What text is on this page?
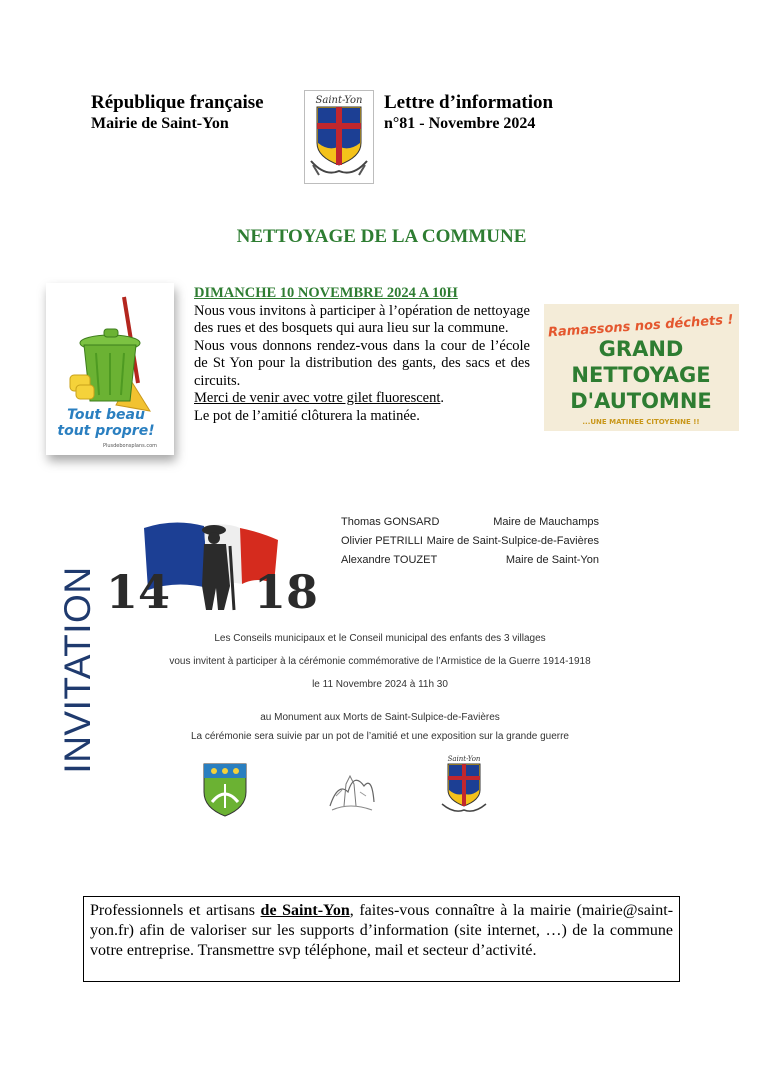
République française
Mairie de Saint-Yon
Saint-Yon Lettre d’information
n°81 - Novembre 2024
NETTOYAGE DE LA COMMUNE
Tout beau
tout propre!
Plusdebonsplans.com
DIMANCHE 10 NOVEMBRE 2024 A 10H

Nous vous invitons à participer à l’opération de nettoyage des rues et des bosquets qui aura lieu sur la commune.

Nous vous donnons rendez-vous dans la cour de l’école de St Yon pour la distribution des gants, des sacs et des circuits.

Merci de venir avec votre gilet fluorescent.

Le pot de l’amitié clôturera la matinée.

Ramassons nos déchets !
GRAND
NETTOYAGE
D'AUTOMNE
...UNE MATINEE CITOYENNE !!
INVITATION 14 18
Thomas GONSARD	Maire de Mauchamps
Olivier PETRILLI Maire de Saint-Sulpice-de-Favières
Alexandre TOUZET	Maire de Saint-Yon
Les Conseils municipaux et le Conseil municipal des enfants des 3 villages
vous invitent à participer à la cérémonie commémorative de l’Armistice de la Guerre 1914-1918
le 11 Novembre 2024 à 11h 30
au Monument aux Morts de Saint-Sulpice-de-Favières
La cérémonie sera suivie par un pot de l’amitié et une exposition sur la grande guerre
Saint-Yon

Professionnels et artisans de Saint-Yon, faites-vous connaître à la mairie (mairie@saint-yon.fr) afin de valoriser sur les supports d’information (site internet, …) de la commune votre entreprise. Transmettre svp téléphone, mail et secteur d’activité.
